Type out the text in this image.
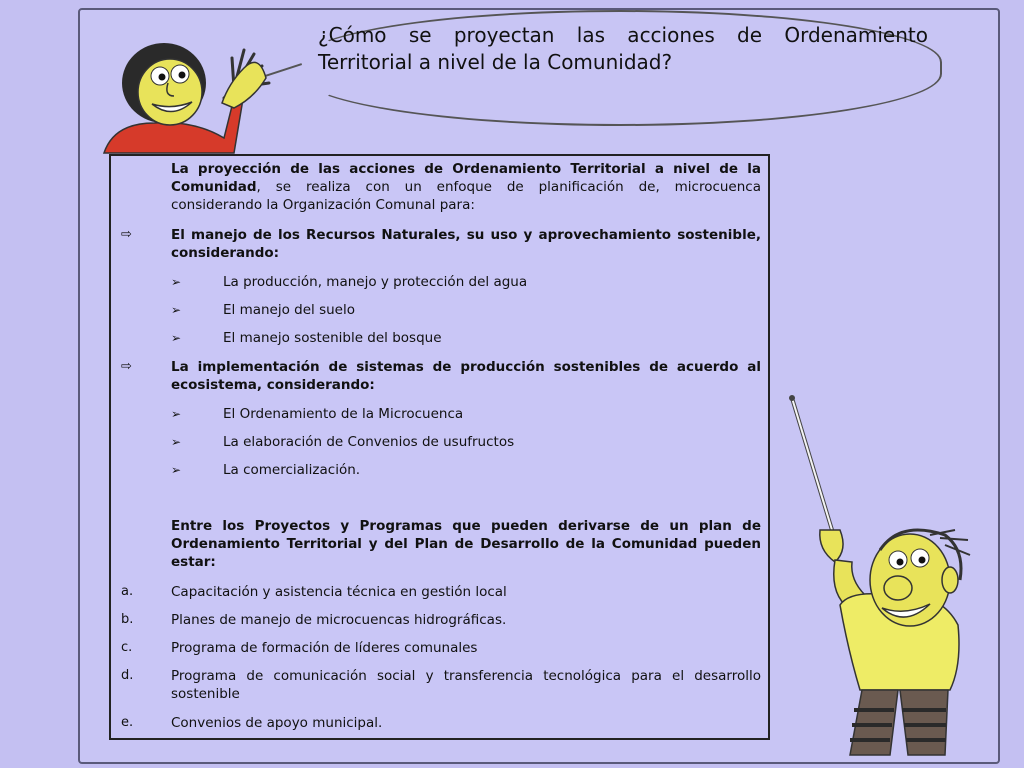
¿Cómo se proyectan las acciones de Ordenamiento Territorial a nivel de la Comunidad?
La proyección de las acciones de Ordenamiento Territorial a nivel de la Comunidad, se realiza con un enfoque de planificación de, microcuenca considerando la Organización Comunal para:
⇨	El manejo de los Recursos Naturales, su uso y aprovechamiento sostenible, considerando:
➢	La producción, manejo y protección del agua
➢	El manejo del suelo
➢	El manejo sostenible del bosque
⇨	La implementación de sistemas de producción sostenibles de acuerdo al ecosistema, considerando:
➢	El Ordenamiento de la Microcuenca
➢	La elaboración de Convenios de usufructos
➢	La comercialización.
Entre los Proyectos y Programas que pueden derivarse de un plan de Ordenamiento Territorial y del Plan de Desarrollo de la Comunidad pueden estar:
a.	Capacitación y asistencia técnica en gestión local
b.	Planes de manejo de microcuencas hidrográficas.
c.	Programa de formación de líderes comunales
d.	Programa de comunicación social y transferencia tecnológica para el desarrollo sostenible
e.	Convenios de apoyo municipal.
